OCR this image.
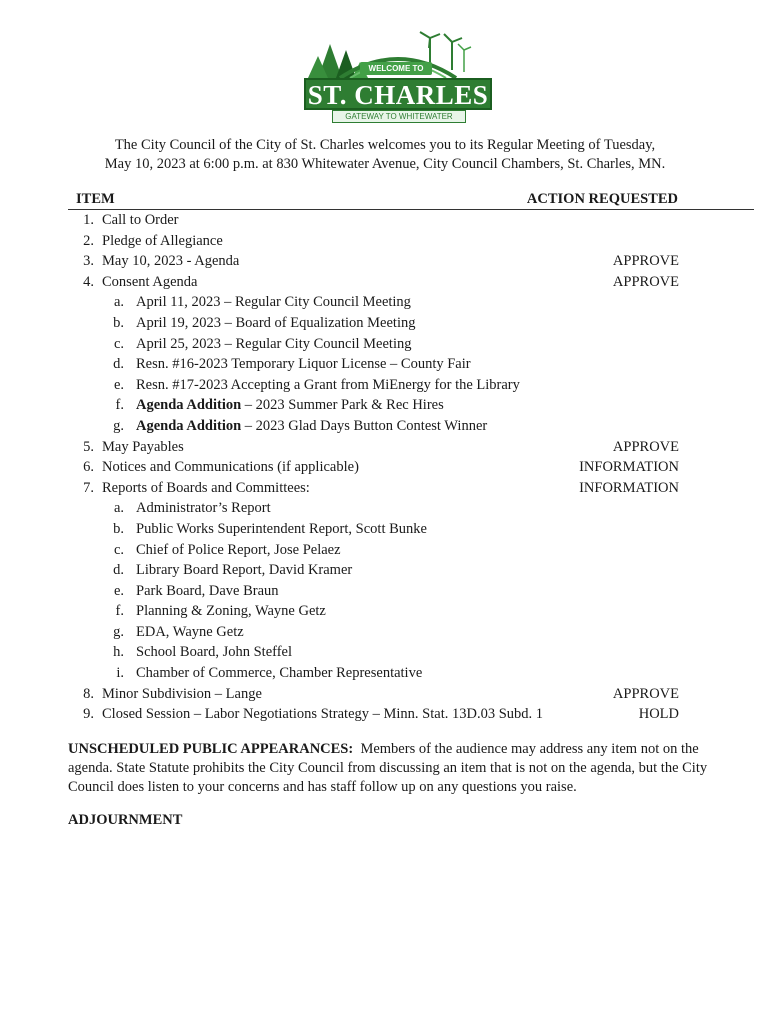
WELCOME TO
ST. CHARLES
GATEWAY TO WHITEWATER
The City Council of the City of St. Charles welcomes you to its Regular Meeting of Tuesday,
May 10, 2023 at 6:00 p.m. at 830 Whitewater Avenue, City Council Chambers, St. Charles, MN.
ITEM	ACTION REQUESTED
1. Call to Order
2. Pledge of Allegiance
3. May 10, 2023 - Agenda	APPROVE
4. Consent Agenda	APPROVE
a. April 11, 2023 – Regular City Council Meeting
b. April 19, 2023 – Board of Equalization Meeting
c. April 25, 2023 – Regular City Council Meeting
d. Resn. #16-2023 Temporary Liquor License – County Fair
e. Resn. #17-2023 Accepting a Grant from MiEnergy for the Library
f. Agenda Addition – 2023 Summer Park & Rec Hires
g. Agenda Addition – 2023 Glad Days Button Contest Winner
5. May Payables	APPROVE
6. Notices and Communications (if applicable)	INFORMATION
7. Reports of Boards and Committees:	INFORMATION
a. Administrator’s Report
b. Public Works Superintendent Report, Scott Bunke
c. Chief of Police Report, Jose Pelaez
d. Library Board Report, David Kramer
e. Park Board, Dave Braun
f. Planning & Zoning, Wayne Getz
g. EDA, Wayne Getz
h. School Board, John Steffel
i. Chamber of Commerce, Chamber Representative
8. Minor Subdivision – Lange	APPROVE
9. Closed Session – Labor Negotiations Strategy – Minn. Stat. 13D.03 Subd. 1	HOLD
UNSCHEDULED PUBLIC APPEARANCES: Members of the audience may address any item not on the agenda. State Statute prohibits the City Council from discussing an item that is not on the agenda, but the City Council does listen to your concerns and has staff follow up on any questions you raise.
ADJOURNMENT
